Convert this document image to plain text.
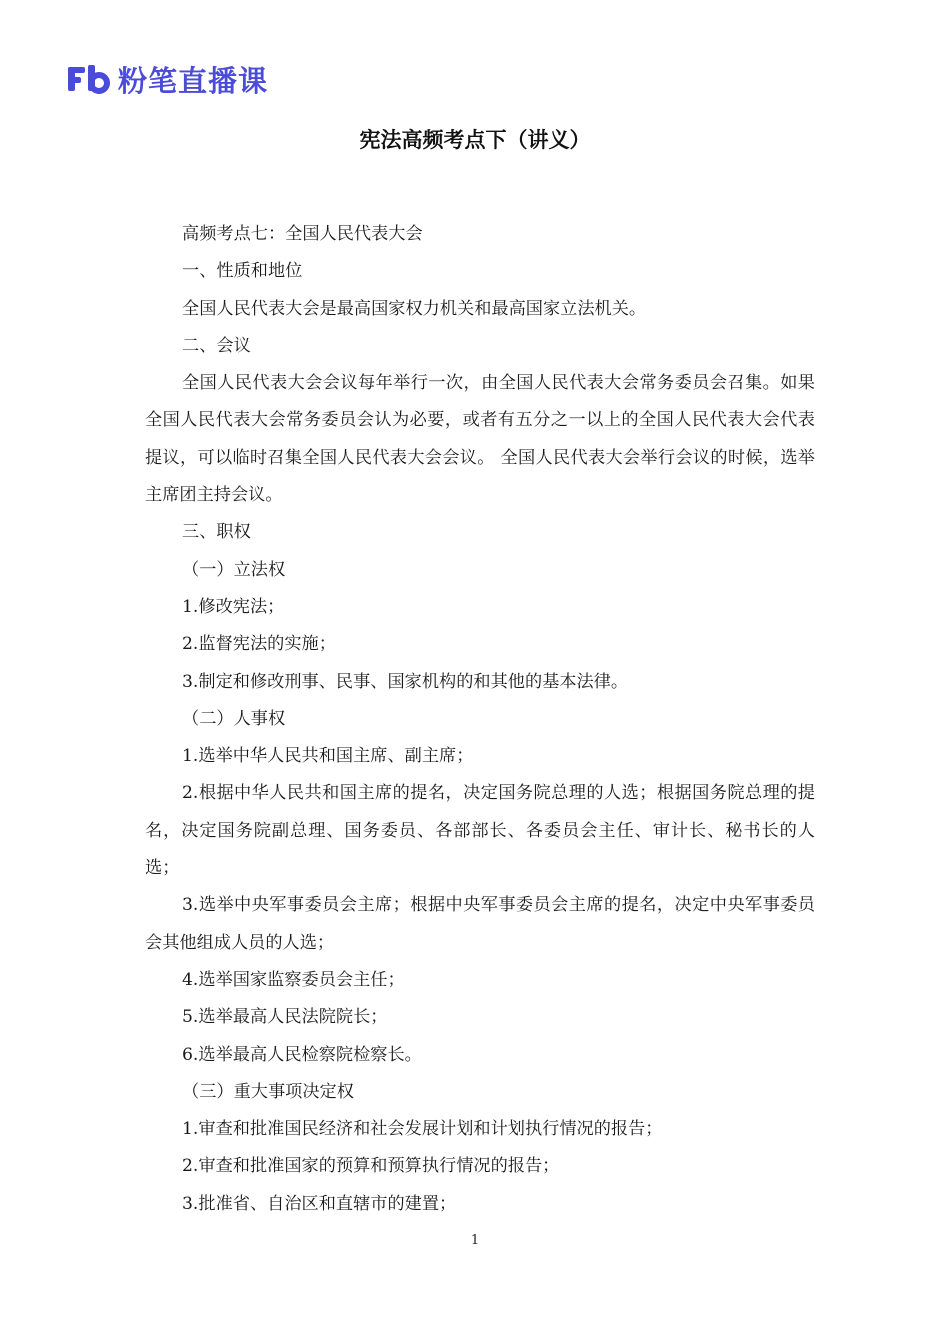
粉笔直播课
宪法高频考点下（讲义）

高频考点七：全国人民代表大会

一、性质和地位

全国人民代表大会是最高国家权力机关和最高国家立法机关。

二、会议

全国人民代表大会会议每年举行一次，由全国人民代表大会常务委员会召集。如果全国人民代表大会常务委员会认为必要，或者有五分之一以上的全国人民代表大会代表提议，可以临时召集全国人民代表大会会议。 全国人民代表大会举行会议的时候，选举主席团主持会议。

三、职权

（一）立法权

1.修改宪法；

2.监督宪法的实施；

3.制定和修改刑事、民事、国家机构的和其他的基本法律。

（二）人事权

1.选举中华人民共和国主席、副主席；

2.根据中华人民共和国主席的提名，决定国务院总理的人选；根据国务院总理的提名，决定国务院副总理、国务委员、各部部长、各委员会主任、审计长、秘书长的人选；

3.选举中央军事委员会主席；根据中央军事委员会主席的提名，决定中央军事委员会其他组成人员的人选；

4.选举国家监察委员会主任；

5.选举最高人民法院院长；

6.选举最高人民检察院检察长。

（三）重大事项决定权

1.审查和批准国民经济和社会发展计划和计划执行情况的报告；

2.审查和批准国家的预算和预算执行情况的报告；

3.批准省、自治区和直辖市的建置；

1
